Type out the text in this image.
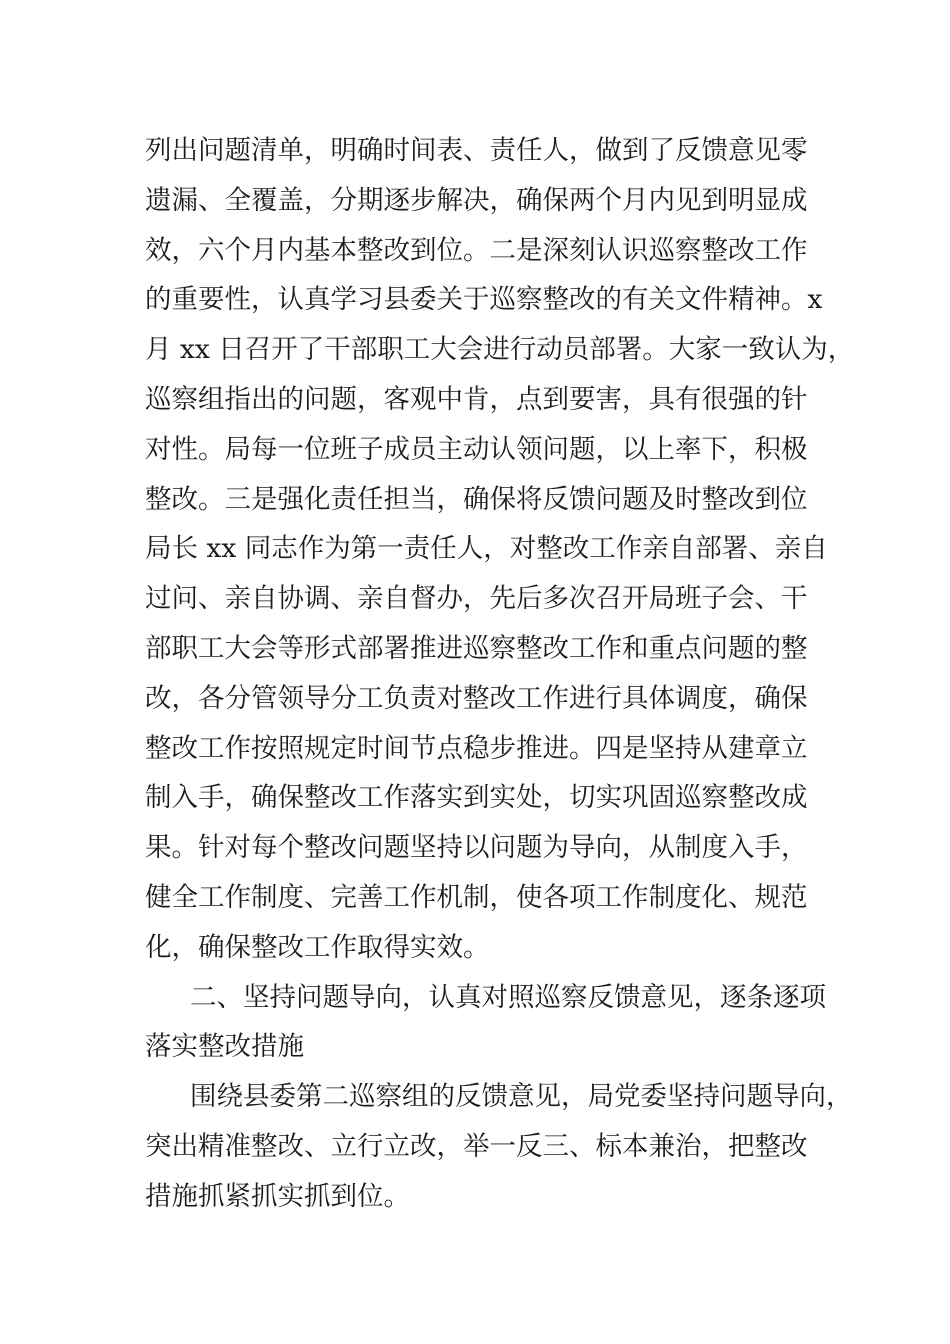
列出问题清单，明确时间表、责任人，做到了反馈意见零
遗漏、全覆盖，分期逐步解决，确保两个月内见到明显成
效，六个月内基本整改到位。二是深刻认识巡察整改工作
的重要性，认真学习县委关于巡察整改的有关文件精神。x
月 xx 日召开了干部职工大会进行动员部署。大家一致认为，
巡察组指出的问题，客观中肯，点到要害，具有很强的针
对性。局每一位班子成员主动认领问题，以上率下，积极
整改。三是强化责任担当，确保将反馈问题及时整改到位
局长 xx 同志作为第一责任人，对整改工作亲自部署、亲自
过问、亲自协调、亲自督办，先后多次召开局班子会、干
部职工大会等形式部署推进巡察整改工作和重点问题的整
改，各分管领导分工负责对整改工作进行具体调度，确保
整改工作按照规定时间节点稳步推进。四是坚持从建章立
制入手，确保整改工作落实到实处，切实巩固巡察整改成
果。针对每个整改问题坚持以问题为导向，从制度入手，
健全工作制度、完善工作机制，使各项工作制度化、规范
化，确保整改工作取得实效。
二、坚持问题导向，认真对照巡察反馈意见，逐条逐项
落实整改措施
围绕县委第二巡察组的反馈意见，局党委坚持问题导向，
突出精准整改、立行立改，举一反三、标本兼治，把整改
措施抓紧抓实抓到位。
